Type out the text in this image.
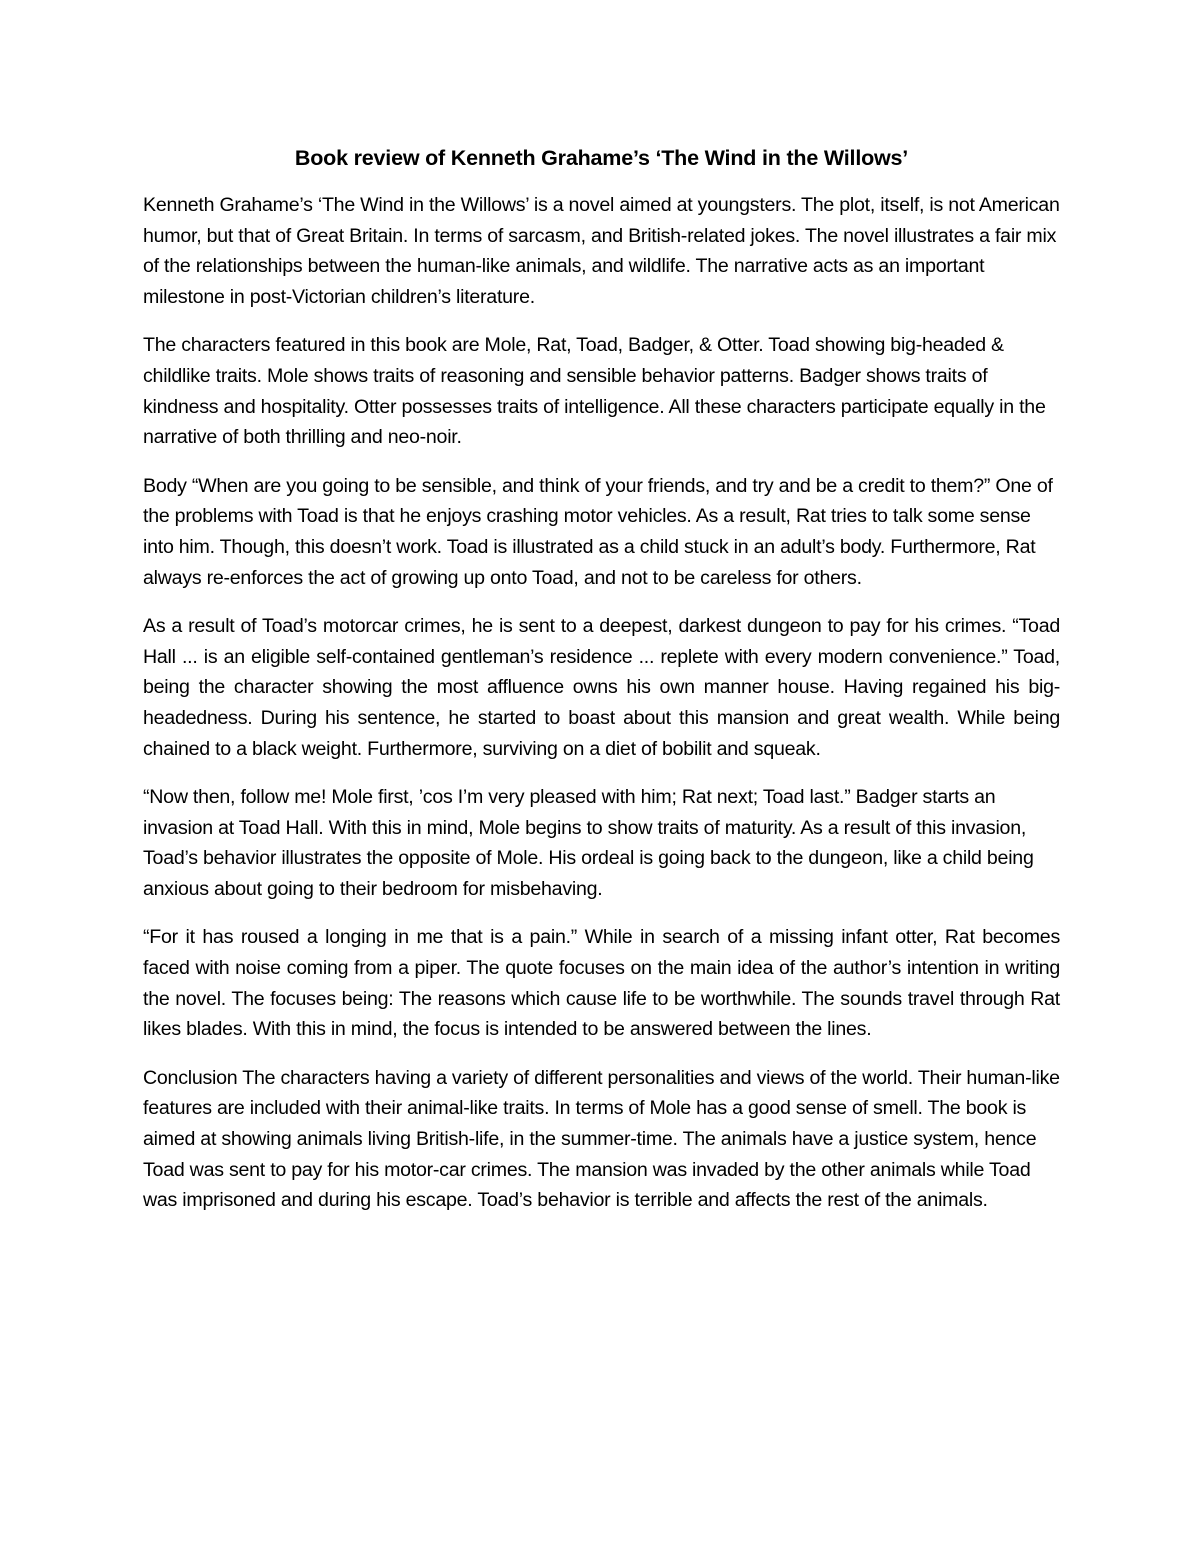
Book review of Kenneth Grahame’s ‘The Wind in the Willows’

Kenneth Grahame’s ‘The Wind in the Willows’ is a novel aimed at youngsters. The plot, itself, is not American humor, but that of Great Britain. In terms of sarcasm, and British-related jokes. The novel illustrates a fair mix of the relationships between the human-like animals, and wildlife. The narrative acts as an important milestone in post-Victorian children’s literature.

The characters featured in this book are Mole, Rat, Toad, Badger, & Otter. Toad showing big-headed & childlike traits. Mole shows traits of reasoning and sensible behavior patterns. Badger shows traits of kindness and hospitality. Otter possesses traits of intelligence. All these characters participate equally in the narrative of both thrilling and neo-noir.

Body “When are you going to be sensible, and think of your friends, and try and be a credit to them?” One of the problems with Toad is that he enjoys crashing motor vehicles. As a result, Rat tries to talk some sense into him. Though, this doesn’t work. Toad is illustrated as a child stuck in an adult’s body. Furthermore, Rat always re-enforces the act of growing up onto Toad, and not to be careless for others.

As a result of Toad’s motorcar crimes, he is sent to a deepest, darkest dungeon to pay for his crimes. “Toad Hall ... is an eligible self-contained gentleman’s residence ... replete with every modern convenience.” Toad, being the character showing the most affluence owns his own manner house. Having regained his big-headedness. During his sentence, he started to boast about this mansion and great wealth. While being chained to a black weight. Furthermore, surviving on a diet of bobilit and squeak.

“Now then, follow me! Mole first, ’cos I’m very pleased with him; Rat next; Toad last.” Badger starts an invasion at Toad Hall. With this in mind, Mole begins to show traits of maturity. As a result of this invasion, Toad’s behavior illustrates the opposite of Mole. His ordeal is going back to the dungeon, like a child being anxious about going to their bedroom for misbehaving.

“For it has roused a longing in me that is a pain.” While in search of a missing infant otter, Rat becomes faced with noise coming from a piper. The quote focuses on the main idea of the author’s intention in writing the novel. The focuses being: The reasons which cause life to be worthwhile. The sounds travel through Rat likes blades. With this in mind, the focus is intended to be answered between the lines.

Conclusion The characters having a variety of different personalities and views of the world. Their human-like features are included with their animal-like traits. In terms of Mole has a good sense of smell. The book is aimed at showing animals living British-life, in the summer-time. The animals have a justice system, hence Toad was sent to pay for his motor-car crimes. The mansion was invaded by the other animals while Toad was imprisoned and during his escape. Toad’s behavior is terrible and affects the rest of the animals.
